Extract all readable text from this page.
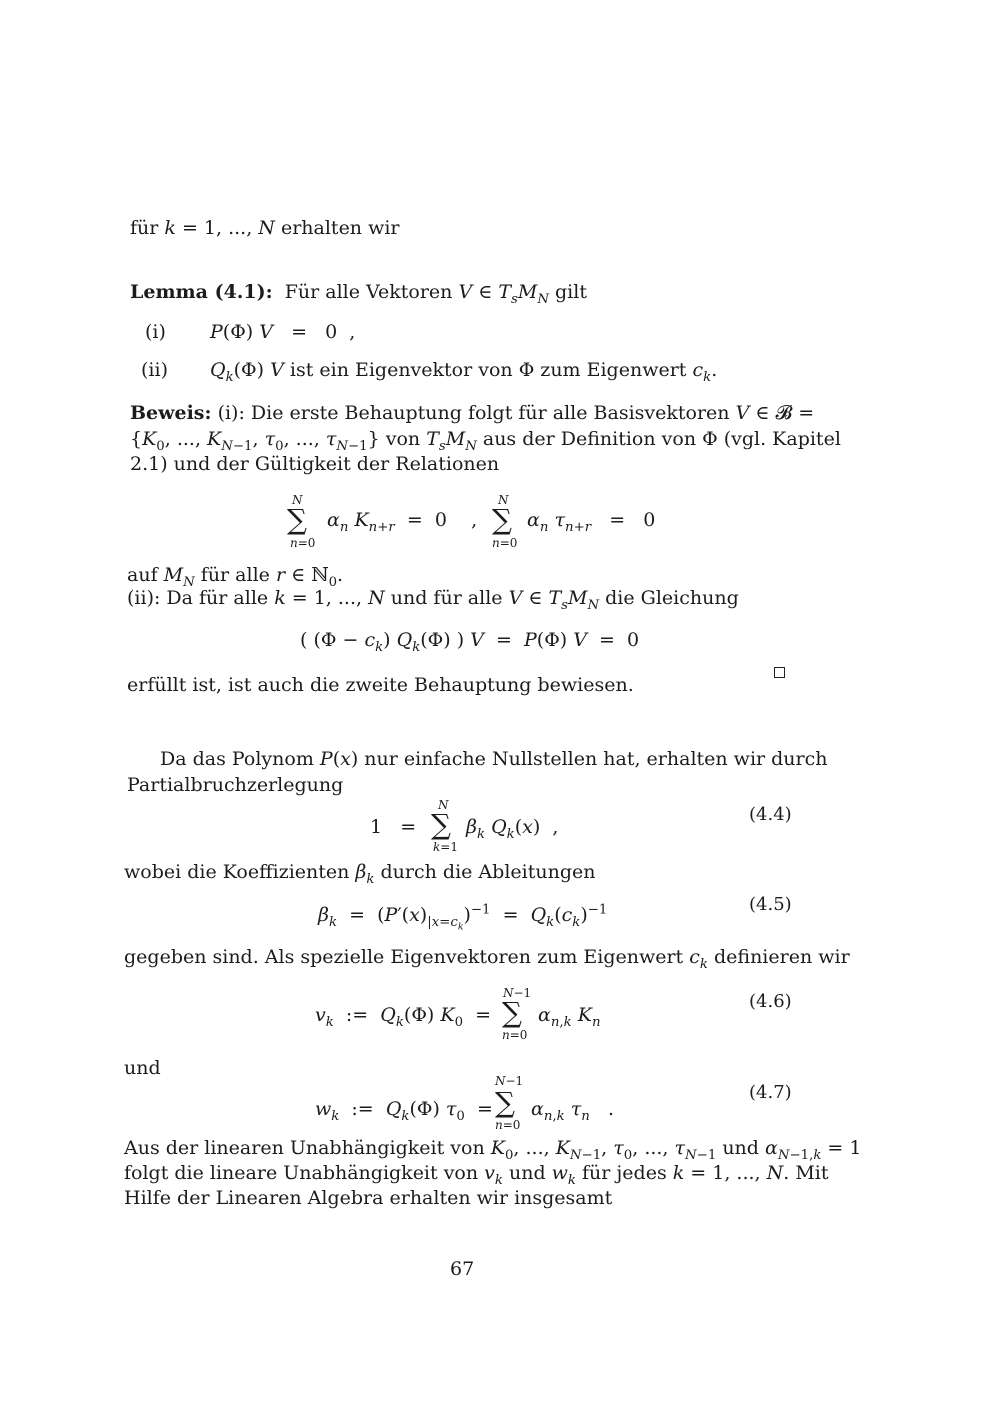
für k = 1, ..., N erhalten wir
Lemma (4.1):  Für alle Vektoren V ∈ $T_sM_N$ gilt
(i) P(Φ) V   =   0  ,
(ii) $Q_k(\Phi)$ V ist ein Eigenvektor von Φ zum Eigenwert $c_k$.
Beweis: (i): Die erste Behauptung folgt für alle Basisvektoren V ∈ 𝓑 =
{$K_0$, ..., $K_{N-1}$, $\tau_0$, ..., $\tau_{N-1}$} von $T_sM_N$ aus der Definition von Φ (vgl. Kapitel
2.1) und der Gültigkeit der Relationen
N
∑
n=0
$\alpha_n$ $K_{n+r} = 0$    ,
N
∑
n=0
$\alpha_n$ $\tau_{n+r} = 0$
auf $M_N$ für alle r ∈ ℕ$_0$.
(ii): Da für alle k = 1, ..., N und für alle V ∈ $T_sM_N$ die Gleichung
( $(\Phi - c_k)$ $Q_k(\Phi)$ ) V  =  P(Φ) V  =  0
erfüllt ist, ist auch die zweite Behauptung bewiesen.
Da das Polynom P(x) nur einfache Nullstellen hat, erhalten wir durch
Partialbruchzerlegung
1   =
N
∑
k=1
$\beta_k$ $Q_k(x)$  ,
(4.4)
wobei die Koeffizienten $\beta_k$ durch die Ableitungen
$\beta_k = (P'(x)_{|x=c_k})^{-1} = Q_k(c_k)^{-1}$	(4.5)
gegeben sind. Als spezielle Eigenvektoren zum Eigenwert $c_k$ definieren wir
$v_k$  :=  $Q_k(\Phi) K_0$  =
N−1
∑
n=0
$\alpha_{n,k}$ $K_n$
(4.6)
und
$w_k$  :=  $Q_k(\Phi) \tau_0$  =
N−1
∑
n=0
$\alpha_{n,k}$ $\tau_n$   .
(4.7)
Aus der linearen Unabhängigkeit von $K_0$, ..., $K_{N-1}$, $\tau_0$, ..., $\tau_{N-1}$ und $\alpha_{N-1,k} = 1$
folgt die lineare Unabhängigkeit von $v_k$ und $w_k$ für jedes k = 1, ..., N. Mit
Hilfe der Linearen Algebra erhalten wir insgesamt
67
